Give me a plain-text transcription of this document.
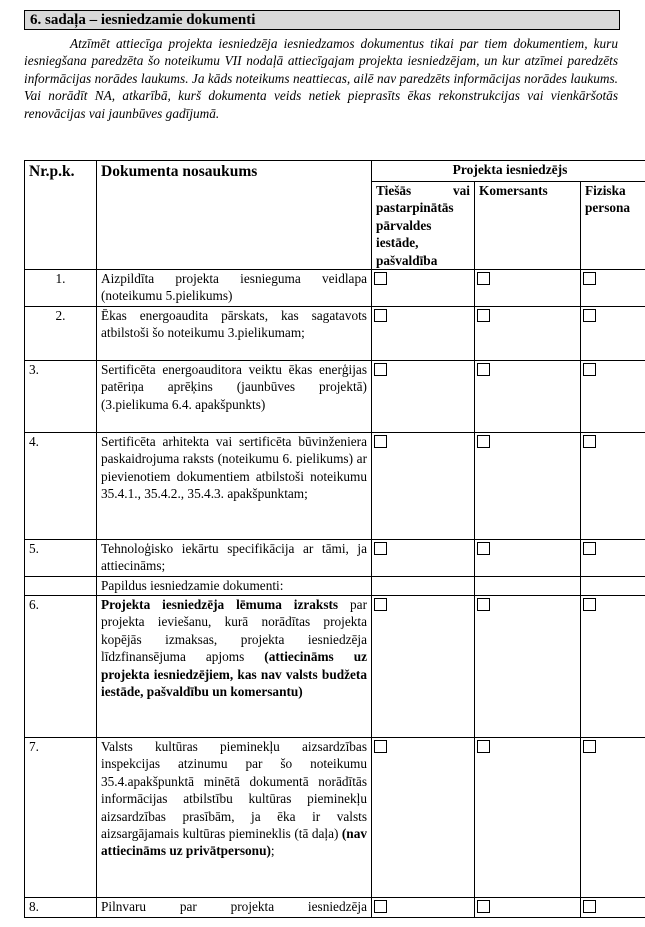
6. sadaļa – iesniedzamie dokumenti

Atzīmēt attiecīga projekta iesniedzēja iesniedzamos dokumentus tikai par tiem dokumentiem, kuru iesniegšana paredzēta šo noteikumu VII nodaļā attiecīgajam projekta iesniedzējam, un kur atzīmei paredzēts informācijas norādes laukums. Ja kāds noteikums neattiecas, ailē nav paredzēts informācijas norādes laukums. Vai norādīt NA, atkarībā, kurš dokumenta veids netiek pieprasīts ēkas rekonstrukcijas vai vienkāršotās renovācijas vai jaunbūves gadījumā.

Nr.p.k.	Dokumenta nosaukums	Projekta iesniedzējs		
		Tiešās vai pastarpinātās pārvaldes iestāde, pašvaldība	Komersants	Fiziska persona
1.	Aizpildīta projekta iesnieguma veidlapa (noteikumu 5.pielikums)			
2.	Ēkas energoaudita pārskats, kas sagatavots atbilstoši šo noteikumu 3.pielikumam;			
3.	Sertificēta energoauditora veiktu ēkas enerģijas patēriņa aprēķins (jaunbūves projektā) (3.pielikuma 6.4. apakšpunkts)			
4.	Sertificēta arhitekta vai sertificēta būvinženiera paskaidrojuma raksts (noteikumu 6. pielikums) ar pievienotiem dokumentiem atbilstoši noteikumu 35.4.1., 35.4.2., 35.4.3. apakšpunktam;			
5.	Tehnoloģisko iekārtu specifikācija ar tāmi, ja attiecināms;			
	Papildus iesniedzamie dokumenti:			
6.	Projekta iesniedzēja lēmuma izraksts par projekta ieviešanu, kurā norādītas projekta kopējās izmaksas, projekta iesniedzēja līdzfinansējuma apjoms (attiecināms uz projekta iesniedzējiem, kas nav valsts budžeta iestāde, pašvaldību un komersantu)			
7.	Valsts kultūras pieminekļu aizsardzības inspekcijas atzinumu par šo noteikumu 35.4.apakšpunktā minētā dokumentā norādītās informācijas atbilstību kultūras pieminekļu aizsardzības prasībām, ja ēka ir valsts aizsargājamais kultūras piemineklis (tā daļa) (nav attiecināms uz privātpersonu);			
8.	Pilnvaru par projekta iesniedzēja			
